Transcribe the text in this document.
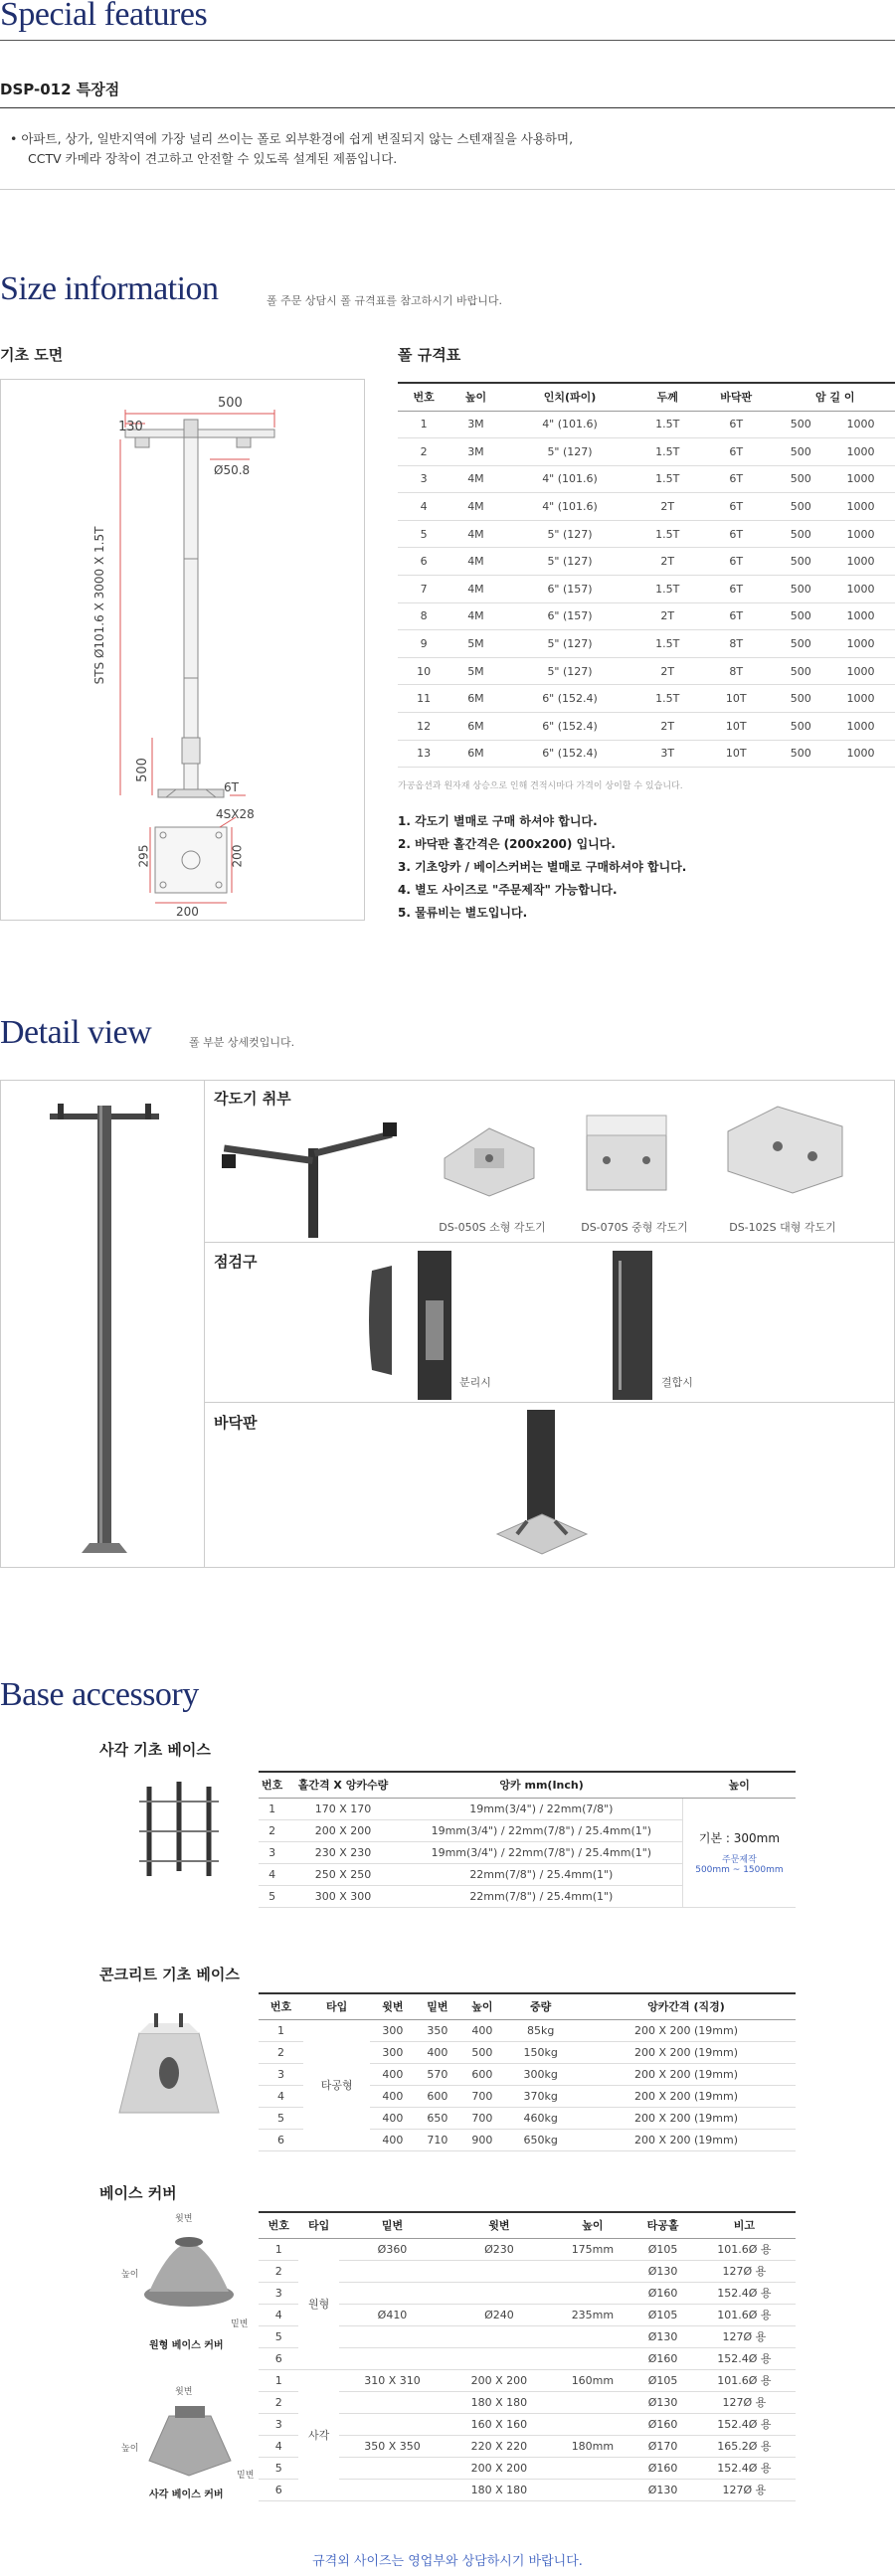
Special features
DSP-012 특장점
• 아파트, 상가, 일반지역에 가장 널리 쓰이는 폴로 외부환경에 쉽게 변질되지 않는 스텐재질을 사용하며,
CCTV 카메라 장착이 견고하고 안전할 수 있도록 설계된 제품입니다.
Size information	폴 주문 상담시 폴 규격표를 참고하시기 바랍니다.
기초 도면	폴 규격표
500
130
Ø50.8
STS Ø101.6 X 3000 X 1.5T
500
6T
4SX28
295	200
200
번호	높이	인치(파이)	두께	바닥판	암 길 이	
1	3M	4" (101.6)	1.5T	6T	500	1000
2	3M	5" (127)	1.5T	6T	500	1000
3	4M	4" (101.6)	1.5T	6T	500	1000
4	4M	4" (101.6)	2T	6T	500	1000
5	4M	5" (127)	1.5T	6T	500	1000
6	4M	5" (127)	2T	6T	500	1000
7	4M	6" (157)	1.5T	6T	500	1000
8	4M	6" (157)	2T	6T	500	1000
9	5M	5" (127)	1.5T	8T	500	1000
10	5M	5" (127)	2T	8T	500	1000
11	6M	6" (152.4)	1.5T	10T	500	1000
12	6M	6" (152.4)	2T	10T	500	1000
13	6M	6" (152.4)	3T	10T	500	1000
가공옵션과 원자재 상승으로 인해 견적시마다 가격이 상이할 수 있습니다.
1. 각도기 별매로 구매 하셔야 합니다.
2. 바닥판 홀간격은 (200x200) 입니다.
3. 기초앙카 / 베이스커버는 별매로 구매하셔야 합니다.
4. 별도 사이즈로 "주문제작" 가능합니다.
5. 물류비는 별도입니다.
Detail view	폴 부분 상세컷입니다.
각도기 취부
DS-050S 소형 각도기	DS-070S 중형 각도기	DS-102S 대형 각도기
점검구
분리시	결합시
바닥판
Base accessory
사각 기초 베이스
번호	홀간격 X 앙카수량	앙카 mm(Inch)	높이
1	170 X 170	19mm(3/4") / 22mm(7/8")	기본 : 300mm
주문제작
500mm ~ 1500mm

2	200 X 200	19mm(3/4") / 22mm(7/8") / 25.4mm(1")	
3	230 X 230	19mm(3/4") / 22mm(7/8") / 25.4mm(1")	
4	250 X 250	22mm(7/8") / 25.4mm(1")	
5	300 X 300	22mm(7/8") / 25.4mm(1")	
콘크리트 기초 베이스
번호	타입	윗변	밑변	높이	중량	앙카간격 (직경)
1	타공형	300	350	400	85kg	200 X 200 (19mm)
2		300	400	500	150kg	200 X 200 (19mm)
3		400	570	600	300kg	200 X 200 (19mm)
4		400	600	700	370kg	200 X 200 (19mm)
5		400	650	700	460kg	200 X 200 (19mm)
6		400	710	900	650kg	200 X 200 (19mm)
베이스 커버
윗변
높이
밑변
원형 베이스 커버
윗변
높이
밑변
사각 베이스 커버
번호	타입	밑변	윗변	높이	타공홀	비고
1	원형	Ø360	Ø230	175mm	Ø105	101.6Ø 용
2					Ø130	127Ø 용
3					Ø160	152.4Ø 용
4		Ø410	Ø240	235mm	Ø105	101.6Ø 용
5					Ø130	127Ø 용
6					Ø160	152.4Ø 용
1	사각	310 X 310	200 X 200	160mm	Ø105	101.6Ø 용
2			180 X 180		Ø130	127Ø 용
3			160 X 160		Ø160	152.4Ø 용
4		350 X 350	220 X 220	180mm	Ø170	165.2Ø 용
5			200 X 200		Ø160	152.4Ø 용
6			180 X 180		Ø130	127Ø 용
규격외 사이즈는 영업부와 상담하시기 바랍니다.
